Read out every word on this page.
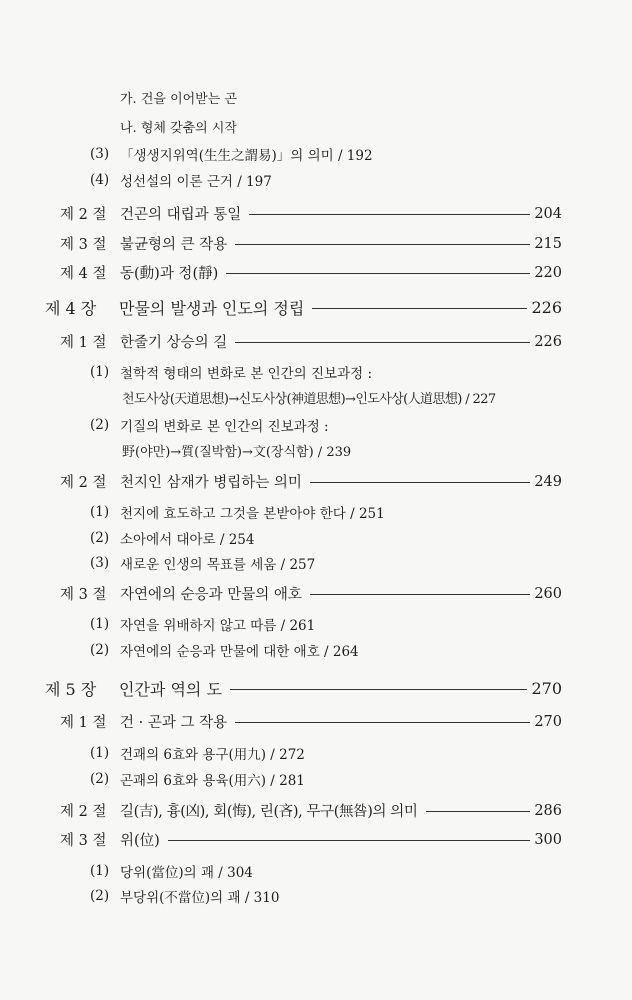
가. 건을 이어받는 곤
나. 형체 갖춤의 시작
(3) 「생생지위역(生生之謂易)」의 의미 / 192
(4) 성선설의 이론 근거 / 197
제 2 절 건곤의 대립과 통일	204
제 3 절 불균형의 큰 작용	215
제 4 절 동(動)과 정(靜)	220
제 4 장	만물의 발생과 인도의 정립	226
제 1 절 한줄기 상승의 길	226
(1) 철학적 형태의 변화로 본 인간의 진보과정 :
천도사상(天道思想)→신도사상(神道思想)→인도사상(人道思想) / 227
(2) 기질의 변화로 본 인간의 진보과정 :
野(야만)→質(질박함)→文(장식함) / 239
제 2 절 천지인 삼재가 병립하는 의미	249
(1) 천지에 효도하고 그것을 본받아야 한다 / 251
(2) 소아에서 대아로 / 254
(3) 새로운 인생의 목표를 세움 / 257
제 3 절 자연에의 순응과 만물의 애호	260
(1) 자연을 위배하지 않고 따름 / 261
(2) 자연에의 순응과 만물에 대한 애호 / 264
제 5 장	인간과 역의 도	270
제 1 절 건 · 곤과 그 작용	270
(1) 건괘의 6효와 용구(用九) / 272
(2) 곤괘의 6효와 용육(用六) / 281
제 2 절 길(吉), 흉(凶), 회(悔), 린(吝), 무구(無咎)의 의미	286
제 3 절 위(位)	300
(1) 당위(當位)의 괘 / 304
(2) 부당위(不當位)의 괘 / 310
